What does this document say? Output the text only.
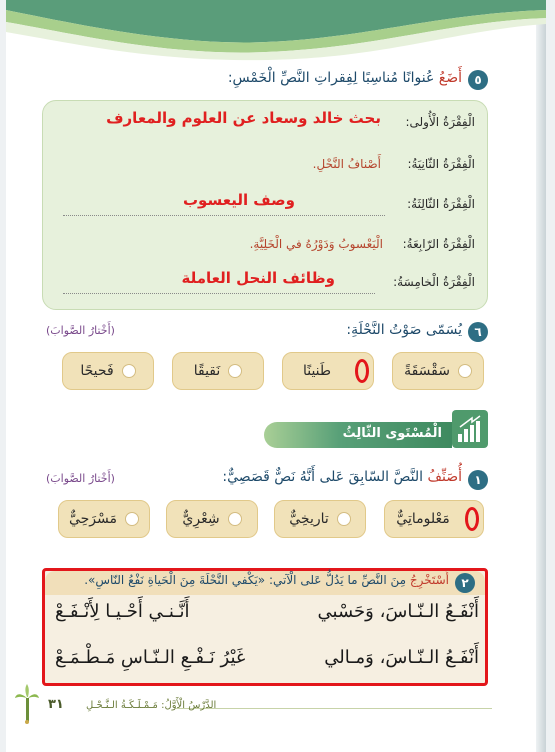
٥
أَضَعُ عُنوانًا مُناسِبًا لِفِقراتِ النَّصِّ الْخَمْسِ:
الْفِقْرَةُ الْأُولى:
بحث خالد وسعاد عن العلوم والمعارف
الْفِقْرَةُ الثّانِيَةُ:
أَصْنافُ النَّحْلِ.
الْفِقْرَةُ الثّالِثَةُ:
وصف اليعسوب
الْفِقْرَةُ الرّابِعَةُ:
الْيَعْسوبُ وَدَوْرُهُ في الْخَلِيَّةِ.
الْفِقْرَةُ الْخامِسَةُ:
وظائف النحل العاملة
٦
يُسَمّى صَوْتُ النَّحْلَةِ:
(أَخْتارُ الصَّوابَ)
سَقْسَقَةً
طَنينًا
نَقيقًا
فَحيحًا
الْمُسْتَوى الثّالِثُ
١
أُصَنِّفُ النَّصَّ السّابِقَ عَلى أَنَّهُ نَصٌّ قَصَصِيٌّ:
(أَخْتارُ الصَّوابَ)
مَعْلوماتِيٌّ
تاريخِيٌّ
شِعْرِيٌّ
مَسْرَحِيٌّ
٢
أَسْتَخْرِجُ مِنَ النَّصِّ ما يَدُلُّ عَلى الْآتي: «يَكْفي النَّحْلَةَ مِنَ الْحَياةِ نَفْعُ النّاسِ».
أَنْفَـعُ الـنّـاسَ، وَحَسْبي
أَنَّـنـي أَحْـيـا لِأَنْـفَـعْ
أَنْفَـعُ الـنّـاسَ، وَمـالي
غَيْرُ نَـفْـعِ الـنّـاسِ مَـطْـمَـعْ
٣١ الدَّرْسُ الْأَوَّلُ: مَـمْـلَـكَـةُ الـنَّـحْـلِ
